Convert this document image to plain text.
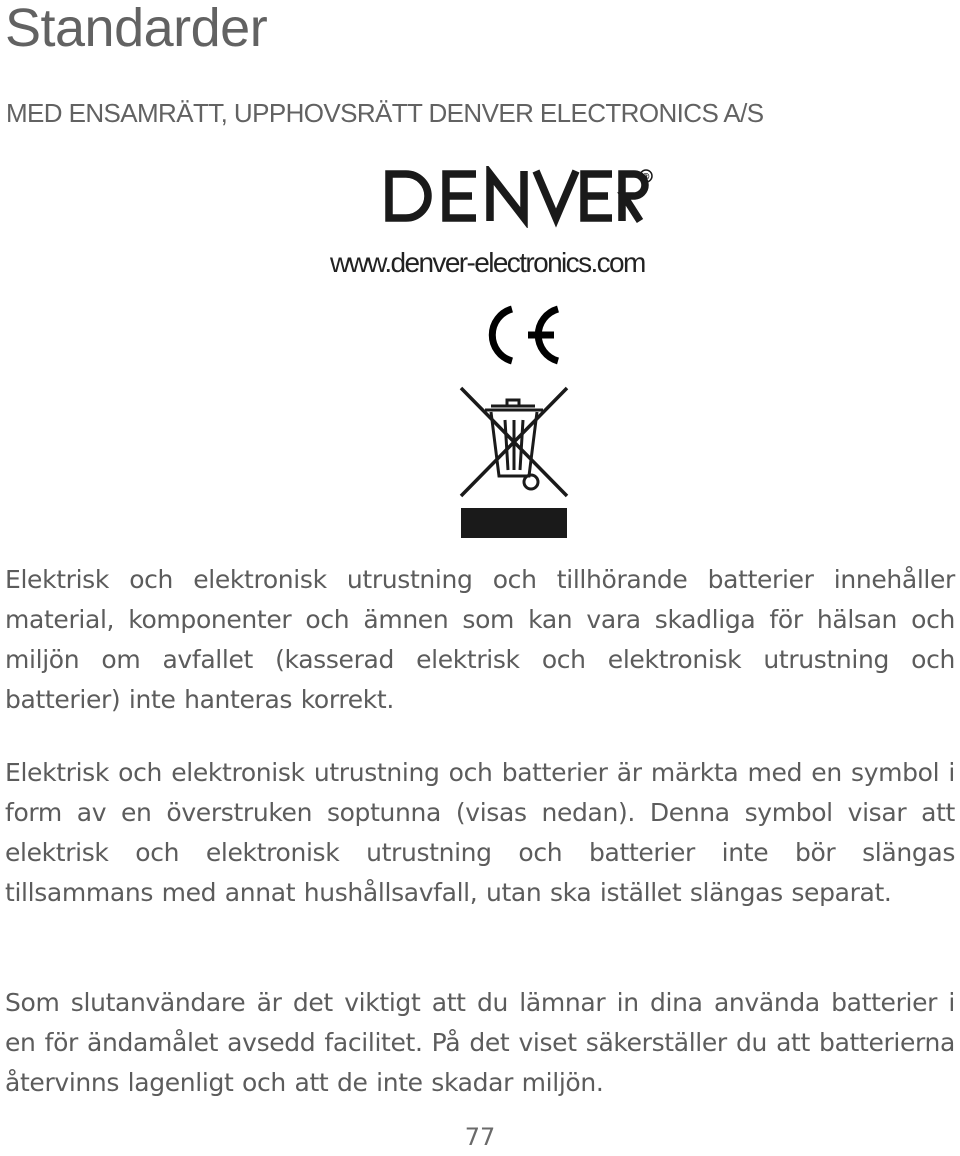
Standarder
MED ENSAMRÄTT, UPPHOVSRÄTT DENVER ELECTRONICS A/S
®
www.denver-electronics.com

Elektrisk och elektronisk utrustning och tillhörande batterier innehåller material, komponenter och ämnen som kan vara skadliga för hälsan och miljön om avfallet (kasserad elektrisk och elektronisk utrustning och batterier) inte hanteras korrekt.

Elektrisk och elektronisk utrustning och batterier är märkta med en symbol i form av en överstruken soptunna (visas nedan). Denna symbol visar att elektrisk och elektronisk utrustning och batterier inte bör slängas tillsammans med annat hushållsavfall, utan ska istället slängas separat.

Som slutanvändare är det viktigt att du lämnar in dina använda batterier i en för ändamålet avsedd facilitet. På det viset säkerställer du att batterierna återvinns lagenligt och att de inte skadar miljön.

77
